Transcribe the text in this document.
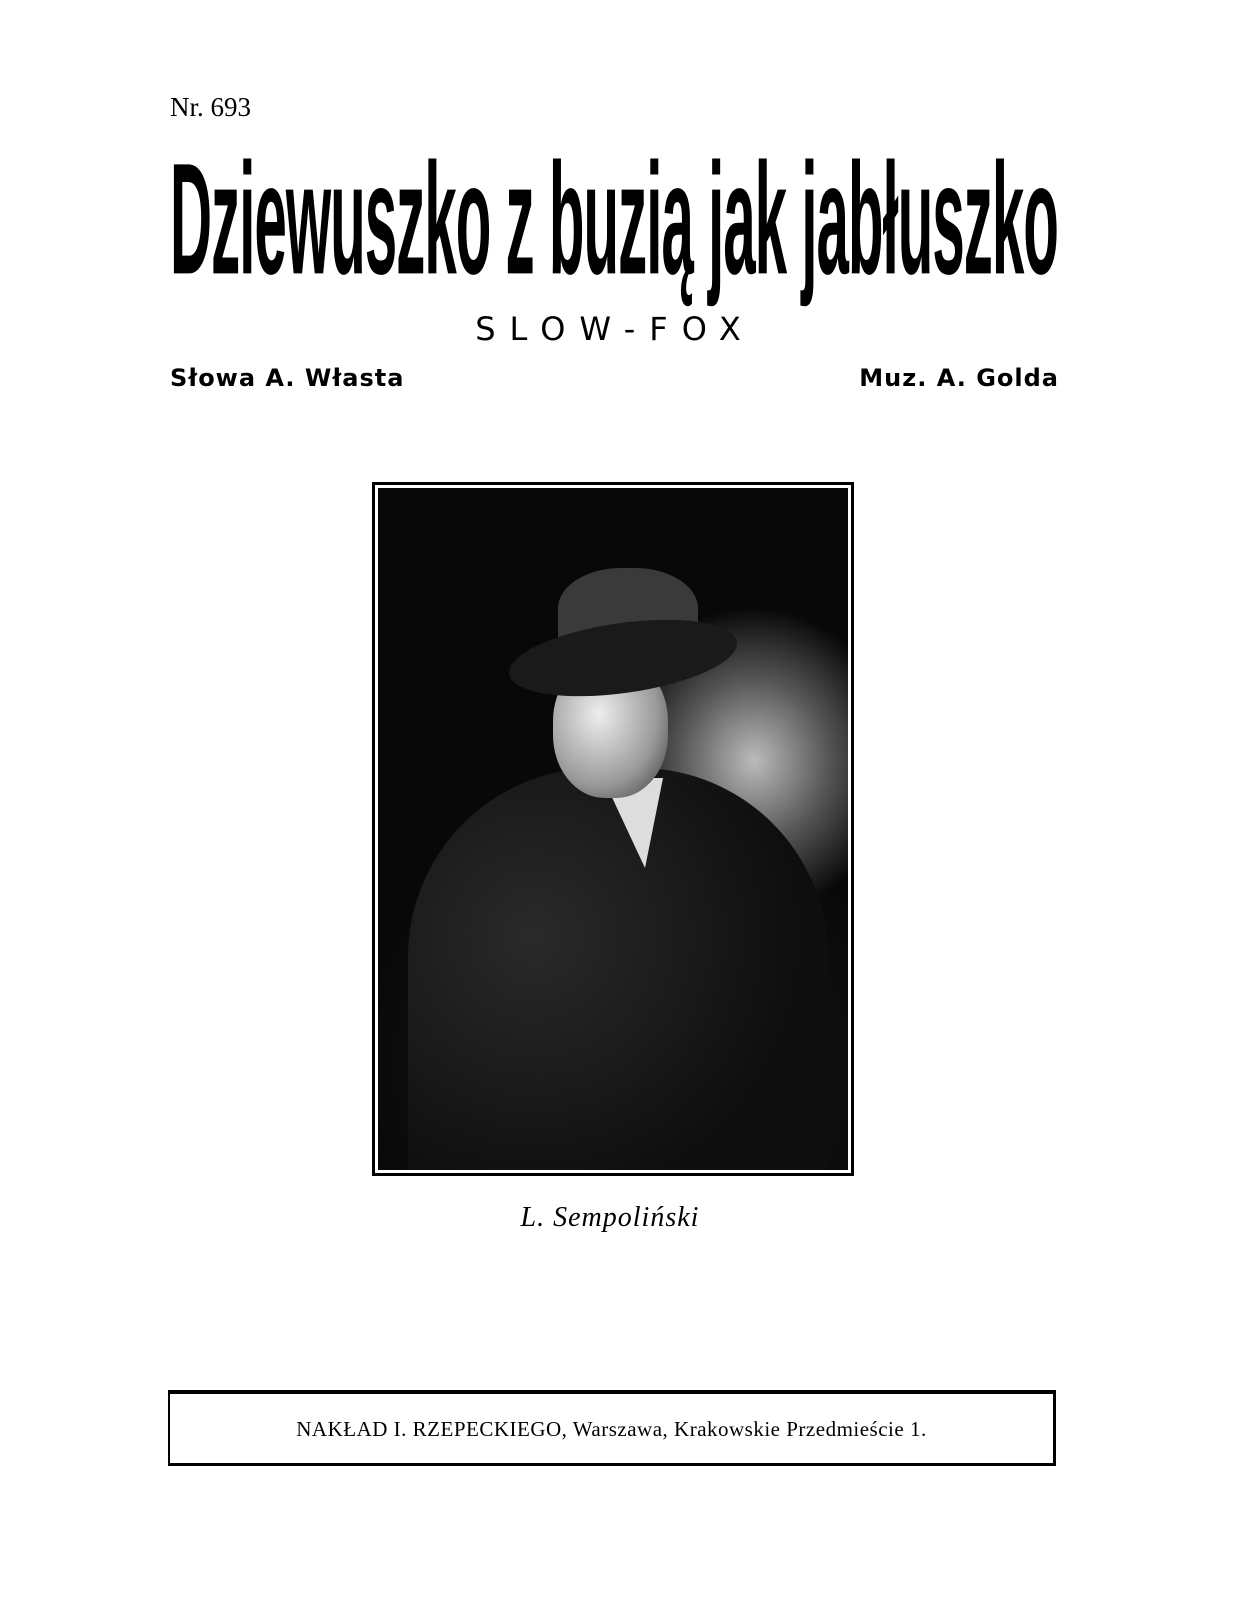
Nr. 693
Dziewuszko z buzią jak jabłuszko
SLOW-FOX
Słowa A. Własta	Muz. A. Golda
L. Sempoliński
NAKŁAD I. RZEPECKIEGO, Warszawa, Krakowskie Przedmieście 1.
